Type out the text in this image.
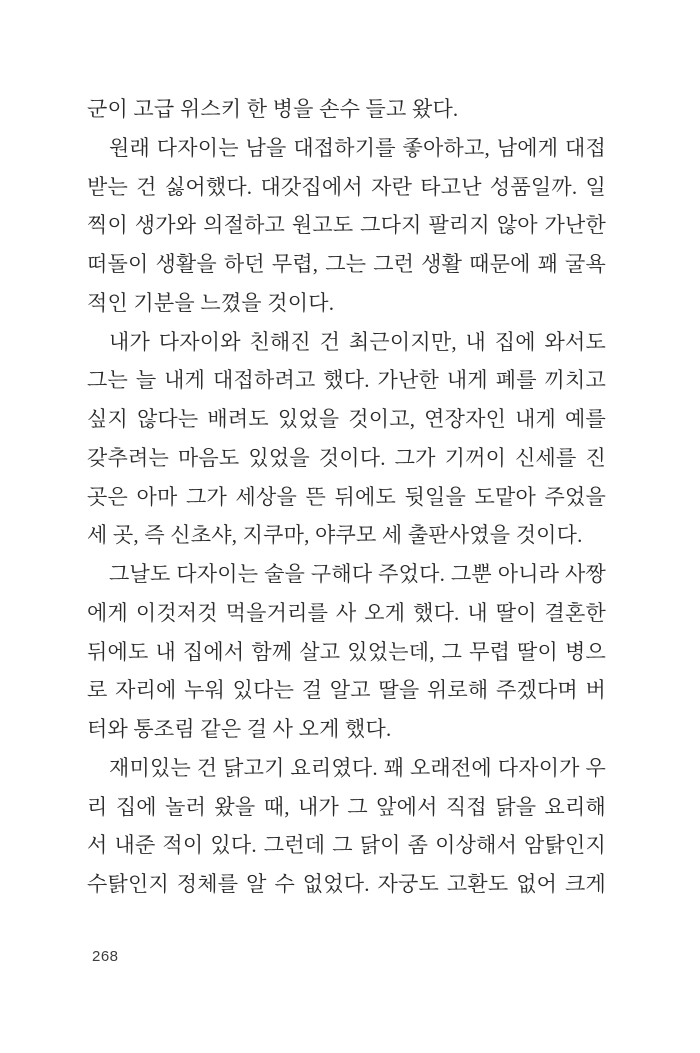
군이 고급 위스키 한 병을 손수 들고 왔다.
원래 다자이는 남을 대접하기를 좋아하고, 남에게 대접
받는 건 싫어했다. 대갓집에서 자란 타고난 성품일까. 일
찍이 생가와 의절하고 원고도 그다지 팔리지 않아 가난한
떠돌이 생활을 하던 무렵, 그는 그런 생활 때문에 꽤 굴욕
적인 기분을 느꼈을 것이다.
내가 다자이와 친해진 건 최근이지만, 내 집에 와서도
그는 늘 내게 대접하려고 했다. 가난한 내게 폐를 끼치고
싶지 않다는 배려도 있었을 것이고, 연장자인 내게 예를
갖추려는 마음도 있었을 것이다. 그가 기꺼이 신세를 진
곳은 아마 그가 세상을 뜬 뒤에도 뒷일을 도맡아 주었을
세 곳, 즉 신초샤, 지쿠마, 야쿠모 세 출판사였을 것이다.
그날도 다자이는 술을 구해다 주었다. 그뿐 아니라 사짱
에게 이것저것 먹을거리를 사 오게 했다. 내 딸이 결혼한
뒤에도 내 집에서 함께 살고 있었는데, 그 무렵 딸이 병으
로 자리에 누워 있다는 걸 알고 딸을 위로해 주겠다며 버
터와 통조림 같은 걸 사 오게 했다.
재미있는 건 닭고기 요리였다. 꽤 오래전에 다자이가 우
리 집에 놀러 왔을 때, 내가 그 앞에서 직접 닭을 요리해
서 내준 적이 있다. 그런데 그 닭이 좀 이상해서 암탉인지
수탉인지 정체를 알 수 없었다. 자궁도 고환도 없어 크게
268
